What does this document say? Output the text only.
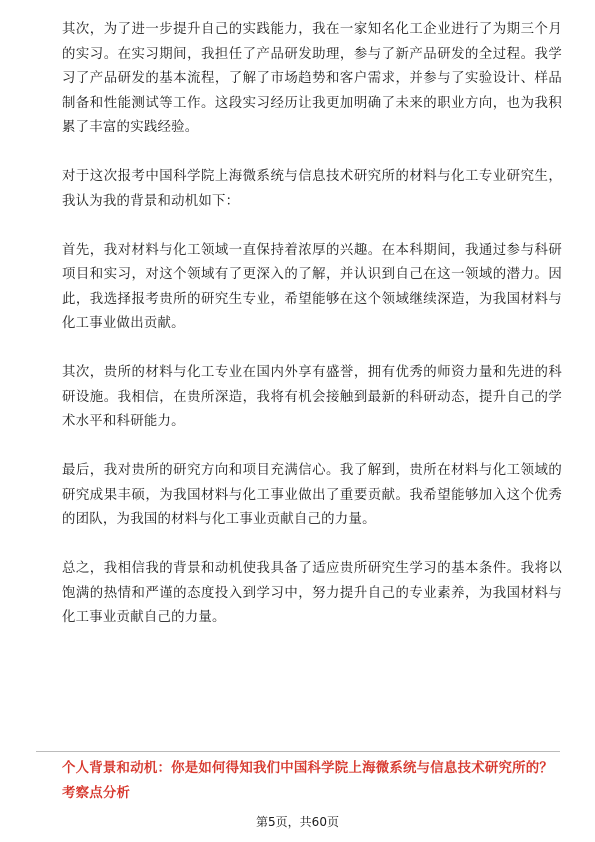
其次，为了进一步提升自己的实践能力，我在一家知名化工企业进行了为期三个月的实习。在实习期间，我担任了产品研发助理，参与了新产品研发的全过程。我学习了产品研发的基本流程，了解了市场趋势和客户需求，并参与了实验设计、样品制备和性能测试等工作。这段实习经历让我更加明确了未来的职业方向，也为我积累了丰富的实践经验。

对于这次报考中国科学院上海微系统与信息技术研究所的材料与化工专业研究生，我认为我的背景和动机如下：

首先，我对材料与化工领域一直保持着浓厚的兴趣。在本科期间，我通过参与科研项目和实习，对这个领域有了更深入的了解，并认识到自己在这一领域的潜力。因此，我选择报考贵所的研究生专业，希望能够在这个领域继续深造，为我国材料与化工事业做出贡献。

其次，贵所的材料与化工专业在国内外享有盛誉，拥有优秀的师资力量和先进的科研设施。我相信，在贵所深造，我将有机会接触到最新的科研动态，提升自己的学术水平和科研能力。

最后，我对贵所的研究方向和项目充满信心。我了解到，贵所在材料与化工领域的研究成果丰硕，为我国材料与化工事业做出了重要贡献。我希望能够加入这个优秀的团队，为我国的材料与化工事业贡献自己的力量。

总之，我相信我的背景和动机使我具备了适应贵所研究生学习的基本条件。我将以饱满的热情和严谨的态度投入到学习中，努力提升自己的专业素养，为我国材料与化工事业贡献自己的力量。

个人背景和动机：你是如何得知我们中国科学院上海微系统与信息技术研究所的？考察点分析

第5页，共60页
